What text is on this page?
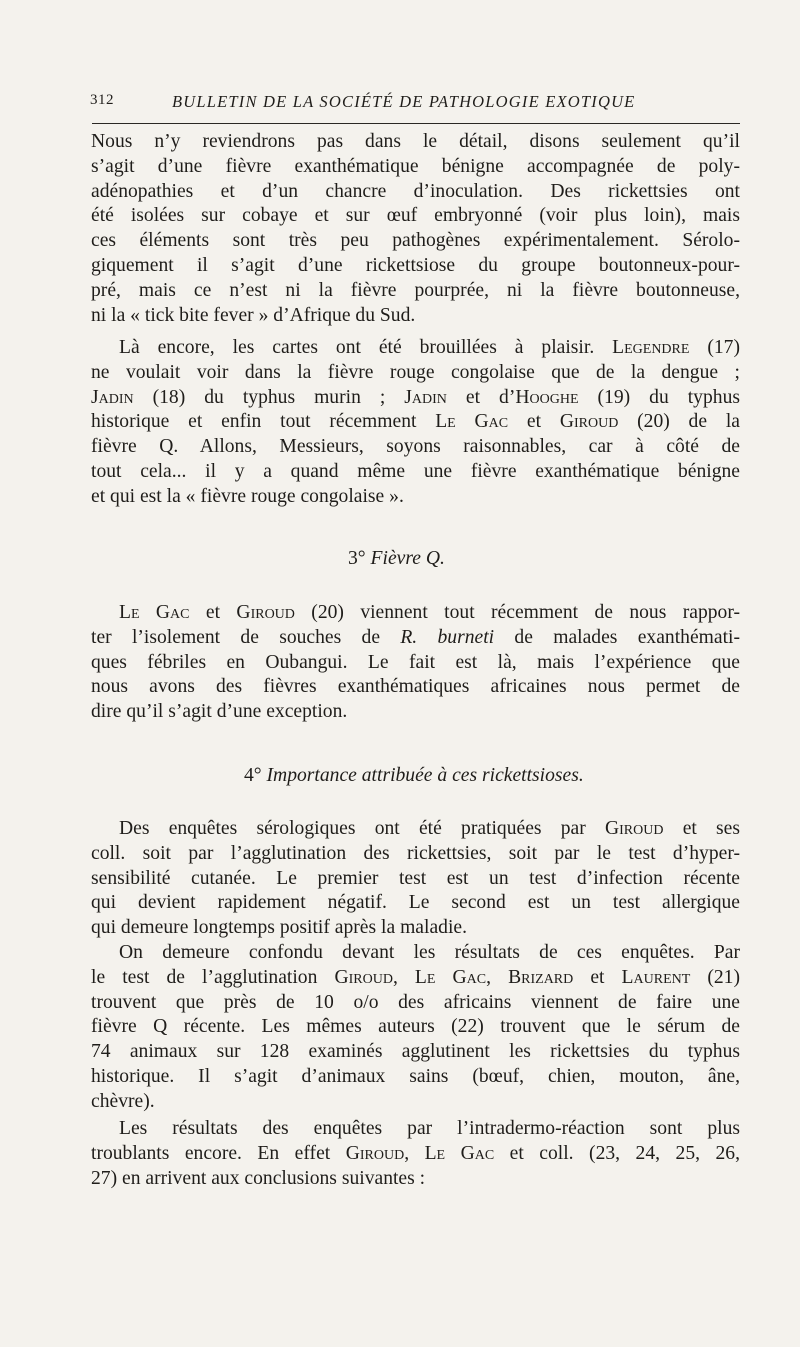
312	BULLETIN DE LA SOCIÉTÉ DE PATHOLOGIE EXOTIQUE

Nous n’y reviendrons pas dans le détail, disons seulement qu’il
s’agit d’une fièvre exanthématique bénigne accompagnée de poly-
adénopathies et d’un chancre d’inoculation. Des rickettsies ont
été isolées sur cobaye et sur œuf embryonné (voir plus loin), mais
ces éléments sont très peu pathogènes expérimentalement. Sérolo-
giquement il s’agit d’une rickettsiose du groupe boutonneux-pour-
pré, mais ce n’est ni la fièvre pourprée, ni la fièvre boutonneuse,
ni la « tick bite fever » d’Afrique du Sud.

Là encore, les cartes ont été brouillées à plaisir. Legendre (17)
ne voulait voir dans la fièvre rouge congolaise que de la dengue ;
Jadin (18) du typhus murin ; Jadin et d’Hooghe (19) du typhus
historique et enfin tout récemment Le Gac et Giroud (20) de la
fièvre Q. Allons, Messieurs, soyons raisonnables, car à côté de
tout cela... il y a quand même une fièvre exanthématique bénigne
et qui est la « fièvre rouge congolaise ».

3° Fièvre Q.

Le Gac et Giroud (20) viennent tout récemment de nous rappor-
ter l’isolement de souches de R. burneti de malades exanthémati-
ques fébriles en Oubangui. Le fait est là, mais l’expérience que
nous avons des fièvres exanthématiques africaines nous permet de
dire qu’il s’agit d’une exception.

4° Importance attribuée à ces rickettsioses.

Des enquêtes sérologiques ont été pratiquées par Giroud et ses
coll. soit par l’agglutination des rickettsies, soit par le test d’hyper-
sensibilité cutanée. Le premier test est un test d’infection récente
qui devient rapidement négatif. Le second est un test allergique
qui demeure longtemps positif après la maladie.

On demeure confondu devant les résultats de ces enquêtes. Par
le test de l’agglutination Giroud, Le Gac, Brizard et Laurent (21)
trouvent que près de 10 o/o des africains viennent de faire une
fièvre Q récente. Les mêmes auteurs (22) trouvent que le sérum de
74 animaux sur 128 examinés agglutinent les rickettsies du typhus
historique. Il s’agit d’animaux sains (bœuf, chien, mouton, âne,
chèvre).

Les résultats des enquêtes par l’intradermo-réaction sont plus
troublants encore. En effet Giroud, Le Gac et coll. (23, 24, 25, 26,
27) en arrivent aux conclusions suivantes :
